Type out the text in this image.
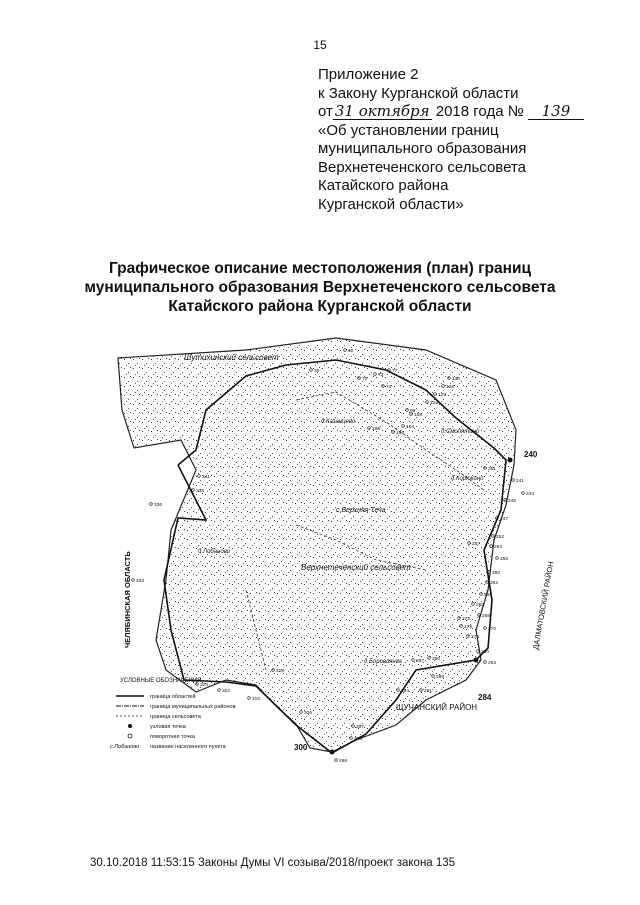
15
Приложение 2
к Закону Курганской области
от 31 октября 2018 года № 139
«Об установлении границ
муниципального образования
Верхнетеченского сельсовета
Катайского района
Курганской области»
Графическое описание местоположения (план) границ
муниципального образования Верхнетеченского сельсовета
Катайского района Курганской области
Шутихинский сельсовет
Верхнетеченский сельсовет
ЧЕЛЯБИНСКАЯ ОБЛАСТЬ	ДАЛМАТОВСКИЙ РАЙОН
ЩУЧАНСКИЙ РАЙОН
с.Верхняя Теча
д.Казанцево
д.Смолятино
д.Корюкино
д.Лобаново
д.Боровлянка
240
284
300
241
243
245
247
251
252
253
255
257
260
262
265
266
268
270
272
276
278
280
287
288
290
291
293
294
296
297
298
306
310
318
322
324
333
336
338
341
30
60
70
73
74
77
96
124
125
128
130
150
152
154
158
УСЛОВНЫЕ ОБОЗНАЧЕНИЯ
граница областей
граница муниципальных районов
граница сельсовета
узловая точка
поворотная точка
с.Лобаново название населенного пункта
30.10.2018 11:53:15 Законы Думы VI созыва/2018/проект закона 135
